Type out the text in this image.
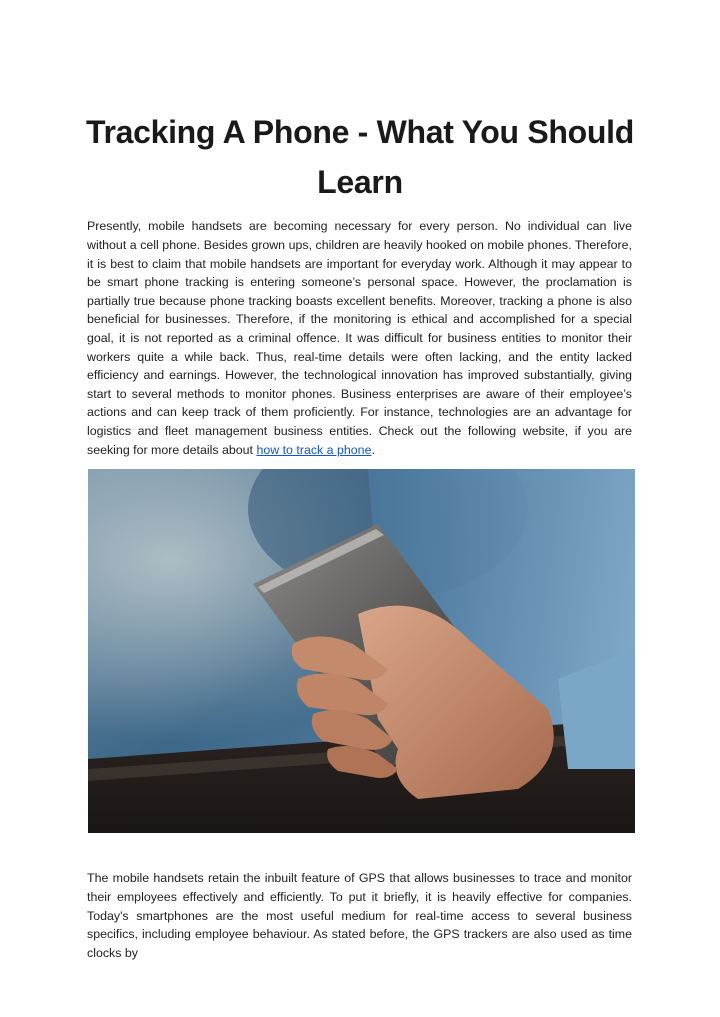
Tracking A Phone - What You Should Learn

Presently, mobile handsets are becoming necessary for every person. No individual can live without a cell phone. Besides grown ups, children are heavily hooked on mobile phones. Therefore, it is best to claim that mobile handsets are important for everyday work. Although it may appear to be smart phone tracking is entering someone’s personal space. However, the proclamation is partially true because phone tracking boasts excellent benefits. Moreover, tracking a phone is also beneficial for businesses. Therefore, if the monitoring is ethical and accomplished for a special goal, it is not reported as a criminal offence. It was difficult for business entities to monitor their workers quite a while back. Thus, real-time details were often lacking, and the entity lacked efficiency and earnings. However, the technological innovation has improved substantially, giving start to several methods to monitor phones. Business enterprises are aware of their employee’s actions and can keep track of them proficiently. For instance, technologies are an advantage for logistics and fleet management business entities. Check out the following website, if you are seeking for more details about how to track a phone.

The mobile handsets retain the inbuilt feature of GPS that allows businesses to trace and monitor their employees effectively and efficiently. To put it briefly, it is heavily effective for companies. Today's smartphones are the most useful medium for real-time access to several business specifics, including employee behaviour. As stated before, the GPS trackers are also used as time clocks by
